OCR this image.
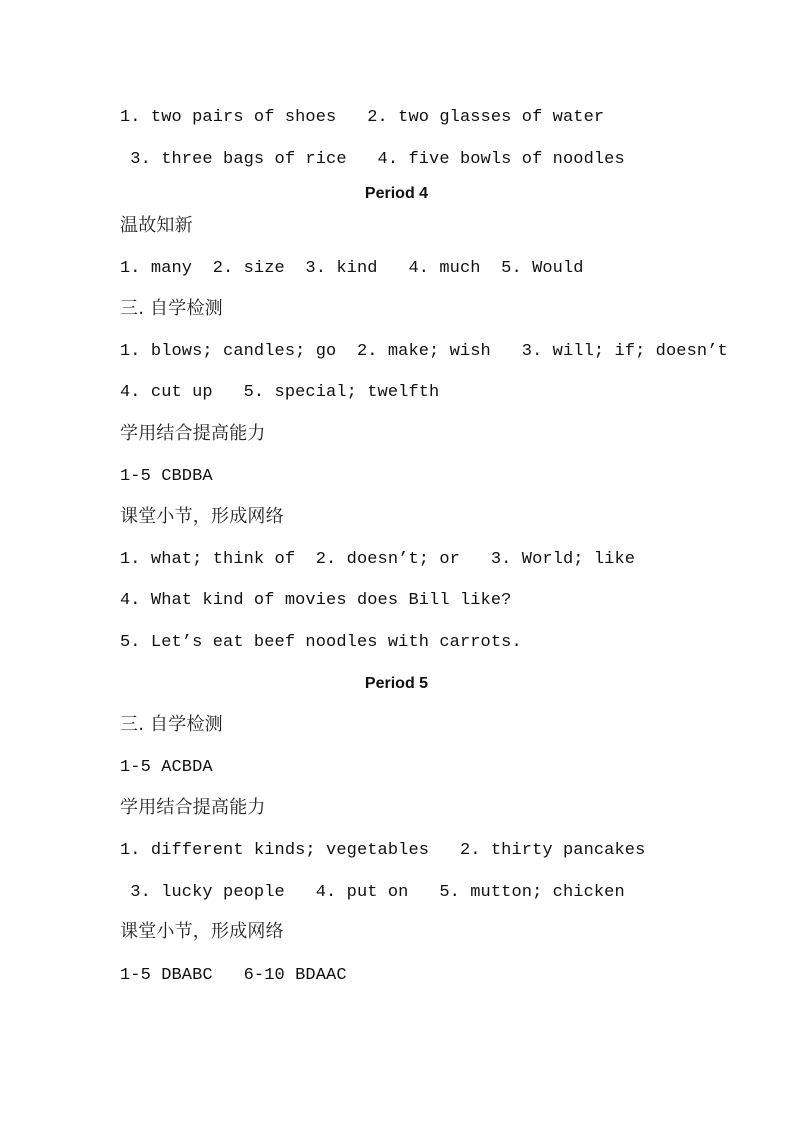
1. two pairs of shoes   2. two glasses of water
3. three bags of rice   4. five bowls of noodles
Period 4
温故知新
1. many  2. size  3. kind   4. much  5. Would
三. 自学检测
1. blows; candles; go  2. make; wish   3. will; if; doesn’t
4. cut up   5. special; twelfth
学用结合提高能力
1-5 CBDBA
课堂小节，形成网络
1. what; think of  2. doesn’t; or   3. World; like
4. What kind of movies does Bill like?
5. Let’s eat beef noodles with carrots.
Period 5
三. 自学检测
1-5 ACBDA
学用结合提高能力
1. different kinds; vegetables   2. thirty pancakes
3. lucky people   4. put on   5. mutton; chicken
课堂小节，形成网络
1-5 DBABC   6-10 BDAAC
